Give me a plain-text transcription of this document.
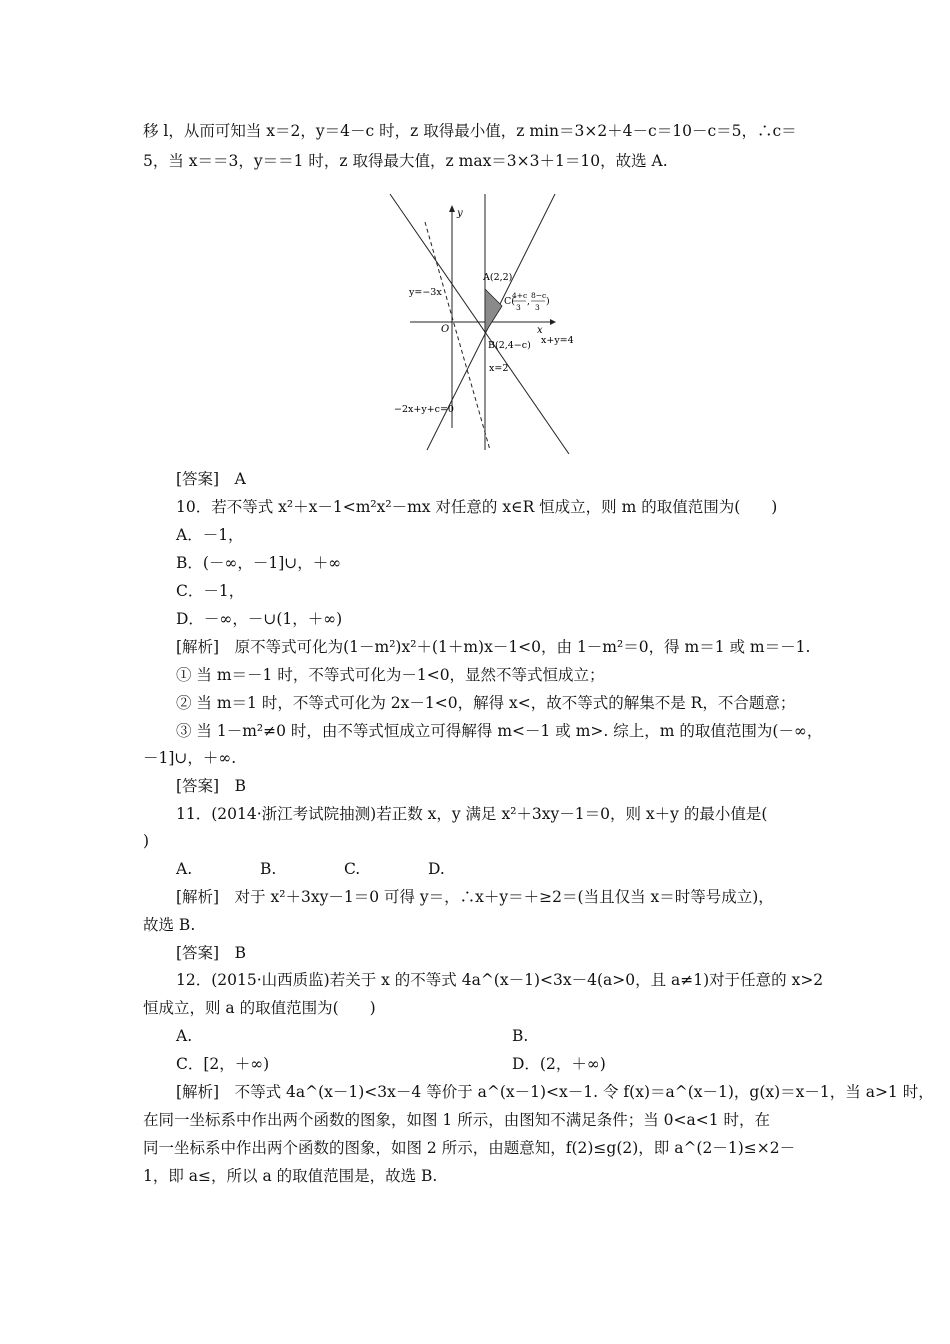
移 l，从而可知当 x＝2，y＝4－c 时，z 取得最小值，z min＝3×2＋4－c＝10－c＝5，∴c＝
5，当 x＝＝3，y＝＝1 时，z 取得最大值，z max＝3×3＋1＝10，故选 A.
y
x
O
A(2,2)
B(2,4−c)
C(
4+c
3
,
8−c
3
)
y=−3x
x+y=4
x=2
−2x+y+c=0
[答案]　A
10．若不等式 x²＋x－1<m²x²－mx 对任意的 x∈R 恒成立，则 m 的取值范围为(　　)
A．－1，
B．(－∞，－1]∪，＋∞
C．－1，
D．－∞，－∪(1，＋∞)
[解析]　原不等式可化为(1－m²)x²＋(1＋m)x－1<0，由 1－m²＝0，得 m＝1 或 m＝－1.
① 当 m＝－1 时，不等式可化为－1<0，显然不等式恒成立；
② 当 m＝1 时，不等式可化为 2x－1<0，解得 x<，故不等式的解集不是 R，不合题意；
③ 当 1－m²≠0 时，由不等式恒成立可得解得 m<－1 或 m>. 综上，m 的取值范围为(－∞，
－1]∪，＋∞.
[答案]　B
11．(2014·浙江考试院抽测)若正数 x，y 满足 x²＋3xy－1＝0，则 x＋y 的最小值是(
)
A.	B.	C.	D.
[解析]　对于 x²＋3xy－1＝0 可得 y＝，∴x＋y＝＋≥2＝(当且仅当 x＝时等号成立)，
故选 B.
[答案]　B
12．(2015·山西质监)若关于 x 的不等式 4a^(x－1)<3x－4(a>0，且 a≠1)对于任意的 x>2
恒成立，则 a 的取值范围为(　　)
A.	B.
C．[2，＋∞)	D．(2，＋∞)
[解析]　不等式 4a^(x－1)<3x－4 等价于 a^(x－1)<x－1. 令 f(x)＝a^(x－1)，g(x)＝x－1，当 a>1 时，
在同一坐标系中作出两个函数的图象，如图 1 所示，由图知不满足条件；当 0<a<1 时，在
同一坐标系中作出两个函数的图象，如图 2 所示，由题意知，f(2)≤g(2)，即 a^(2－1)≤×2－
1，即 a≤，所以 a 的取值范围是，故选 B.
